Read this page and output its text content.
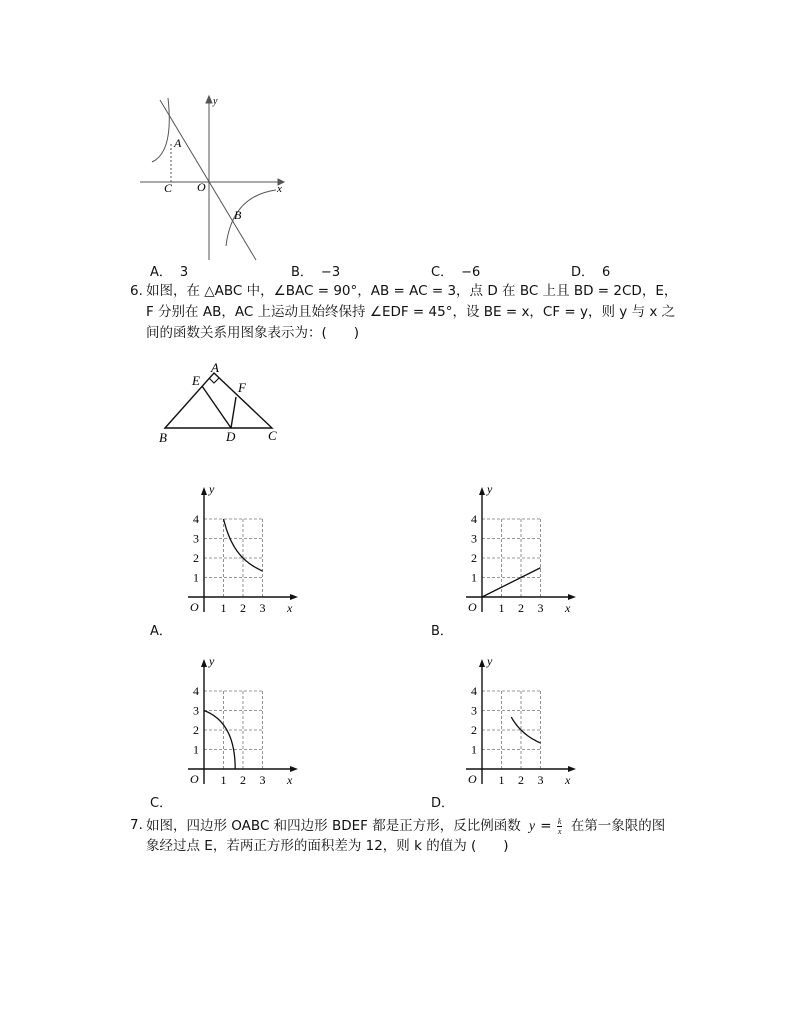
y
x
O
A
B
C
A． 3	B． −3	C． −6	D． 6
6. 如图，在 △ABC 中，∠BAC = 90°，AB = AC = 3，点 D 在 BC 上且 BD = 2CD，E，
F 分别在 AB，AC 上运动且始终保持 ∠EDF = 45°，设 BE = x，CF = y，则 y 与 x 之
间的函数关系用图象表示为：(　　)
A
B	C
D
E	F
y
x
O
1
2
3
4
1 2 3
A．
y
x
O
1
2
3
4
1 2 3
B．
y
x
O
1
2
3
4
1 2 3
C．
y
x
O
1
2
3
4
1 2 3
D．
7. 如图，四边形 OABC 和四边形 BDEF 都是正方形，反比例函数 $y = \frac{k}{x}$ 在第一象限的图
象经过点 E，若两正方形的面积差为 12，则 k 的值为 (　　)
